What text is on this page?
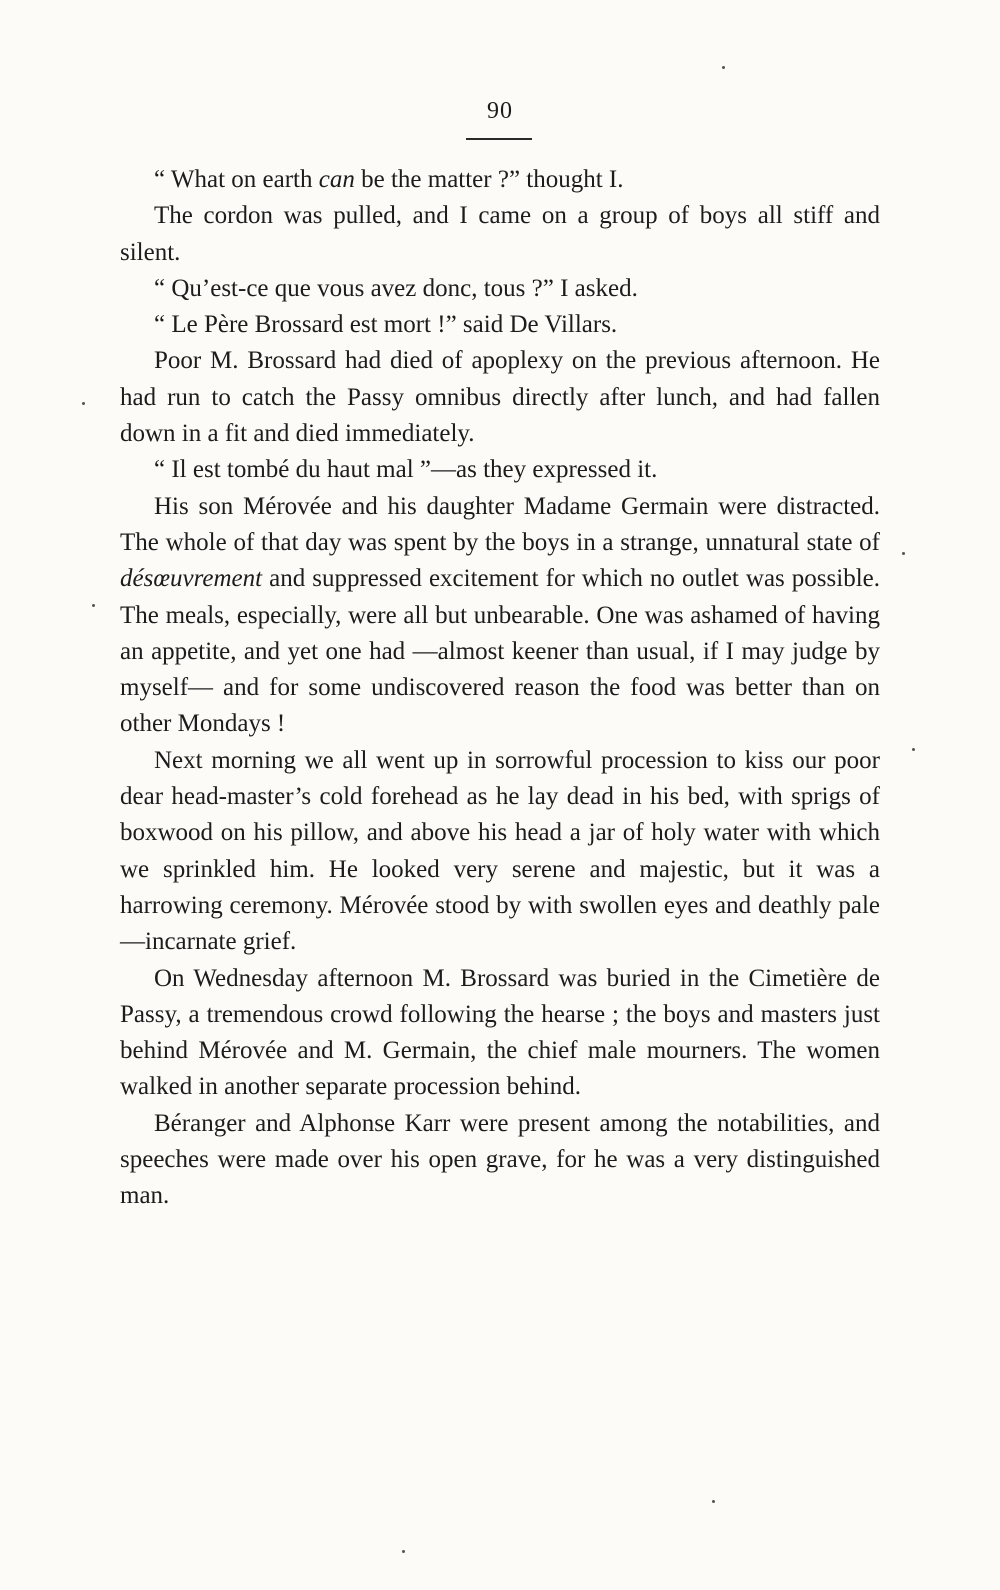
90

“ What on earth can be the matter ?” thought I.

The cordon was pulled, and I came on a group of boys all stiff and silent.

“ Qu’est-ce que vous avez donc, tous ?” I asked.

“ Le Père Brossard est mort !” said De Villars.

Poor M. Brossard had died of apoplexy on the previous afternoon. He had run to catch the Passy omnibus directly after lunch, and had fallen down in a fit and died immediately.

“ Il est tombé du haut mal ”—as they expressed it.

His son Mérovée and his daughter Madame Germain were distracted. The whole of that day was spent by the boys in a strange, unnatural state of désœuvrement and suppressed excitement for which no outlet was possible. The meals, especially, were all but unbearable. One was ashamed of having an appetite, and yet one had —almost keener than usual, if I may judge by myself— and for some undiscovered reason the food was better than on other Mondays !

Next morning we all went up in sorrowful procession to kiss our poor dear head-master’s cold forehead as he lay dead in his bed, with sprigs of boxwood on his pillow, and above his head a jar of holy water with which we sprinkled him. He looked very serene and majestic, but it was a harrowing ceremony. Mérovée stood by with swollen eyes and deathly pale—incarnate grief.

On Wednesday afternoon M. Brossard was buried in the Cimetière de Passy, a tremendous crowd following the hearse ; the boys and masters just behind Mérovée and M. Germain, the chief male mourners. The women walked in another separate procession behind.

Béranger and Alphonse Karr were present among the notabilities, and speeches were made over his open grave, for he was a very distinguished man.
